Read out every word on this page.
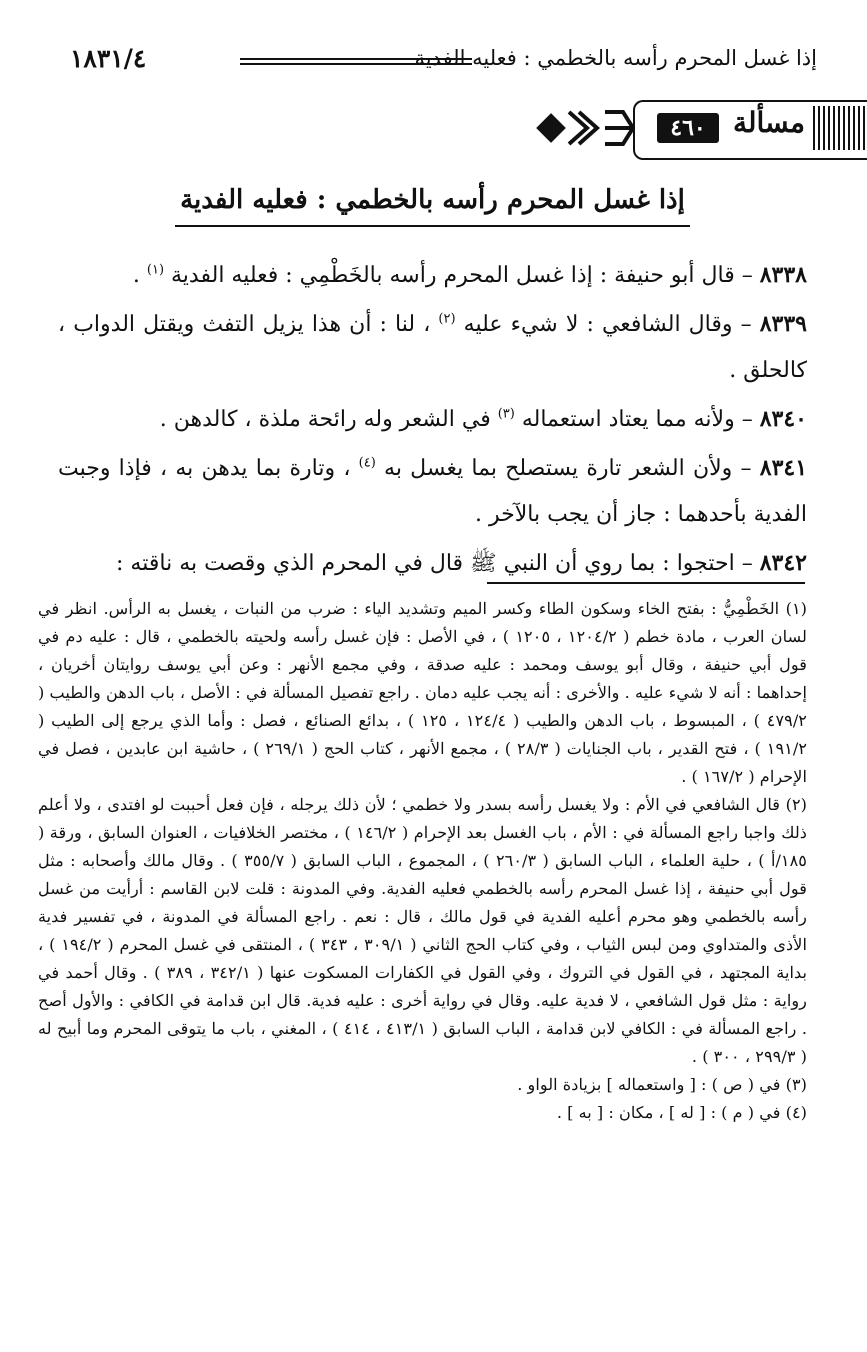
إذا غسل المحرم رأسه بالخطمي : فعليه الفدية
١٨٣١/٤
مسألة
٤٦٠
إذا غسل المحرم رأسه بالخطمي : فعليه الفدية

٨٣٣٨ – قال أبو حنيفة : إذا غسل المحرم رأسه بالخَطْمِي : فعليه الفدية $^{(١)}$ .

٨٣٣٩ – وقال الشافعي : لا شيء عليه $^{(٢)}$ ، لنا : أن هذا يزيل التفث ويقتل الدواب ، كالحلق .

٨٣٤٠ – ولأنه مما يعتاد استعماله $^{(٣)}$ في الشعر وله رائحة ملذة ، كالدهن .

٨٣٤١ – ولأن الشعر تارة يستصلح بما يغسل به $^{(٤)}$ ، وتارة بما يدهن به ، فإذا وجبت الفدية بأحدهما : جاز أن يجب بالآخر .

٨٣٤٢ – احتجوا : بما روي أن النبي ﷺ قال في المحرم الذي وقصت به ناقته :

(١) الخَطْمِيُّ : بفتح الخاء وسكون الطاء وكسر الميم وتشديد الياء : ضرب من النبات ، يغسل به الرأس. انظر في لسان العرب ، مادة خطم ( ١٢٠٤/٢ ، ١٢٠٥ ) ، في الأصل : فإن غسل رأسه ولحيته بالخطمي ، قال : عليه دم في قول أبي حنيفة ، وقال أبو يوسف ومحمد : عليه صدقة ، وفي مجمع الأنهر : وعن أبي يوسف روايتان أخريان ، إحداهما : أنه لا شيء عليه . والأخرى : أنه يجب عليه دمان . راجع تفصيل المسألة في : الأصل ، باب الدهن والطيب ( ٤٧٩/٢ ) ، المبسوط ، باب الدهن والطيب ( ١٢٤/٤ ، ١٢٥ ) ، بدائع الصنائع ، فصل : وأما الذي يرجع إلى الطيب ( ١٩١/٢ ) ، فتح القدير ، باب الجنايات ( ٢٨/٣ ) ، مجمع الأنهر ، كتاب الحج ( ٢٦٩/١ ) ، حاشية ابن عابدين ، فصل في الإحرام ( ١٦٧/٢ ) .

(٢) قال الشافعي في الأم : ولا يغسل رأسه بسدر ولا خطمي ؛ لأن ذلك يرجله ، فإن فعل أحببت لو افتدى ، ولا أعلم ذلك واجبا راجع المسألة في : الأم ، باب الغسل بعد الإحرام ( ١٤٦/٢ ) ، مختصر الخلافيات ، العنوان السابق ، ورقة ( ١٨٥/أ ) ، حلية العلماء ، الباب السابق ( ٢٦٠/٣ ) ، المجموع ، الباب السابق ( ٣٥٥/٧ ) . وقال مالك وأصحابه : مثل قول أبي حنيفة ، إذا غسل المحرم رأسه بالخطمي فعليه الفدية. وفي المدونة : قلت لابن القاسم : أرأيت من غسل رأسه بالخطمي وهو محرم أعليه الفدية في قول مالك ، قال : نعم . راجع المسألة في المدونة ، في تفسير فدية الأذى والمتداوي ومن لبس الثياب ، وفي كتاب الحج الثاني ( ٣٠٩/١ ، ٣٤٣ ) ، المنتقى في غسل المحرم ( ١٩٤/٢ ) ، بداية المجتهد ، في القول في التروك ، وفي القول في الكفارات المسكوت عنها ( ٣٤٢/١ ، ٣٨٩ ) . وقال أحمد في رواية : مثل قول الشافعي ، لا فدية عليه. وقال في رواية أخرى : عليه فدية. قال ابن قدامة في الكافي : والأول أصح . راجع المسألة في : الكافي لابن قدامة ، الباب السابق ( ٤١٣/١ ، ٤١٤ ) ، المغني ، باب ما يتوقى المحرم وما أبيح له ( ٢٩٩/٣ ، ٣٠٠ ) .

(٣) في ( ص ) : [ واستعماله ] بزيادة الواو .

(٤) في ( م ) : [ له ] ، مكان : [ به ] .
